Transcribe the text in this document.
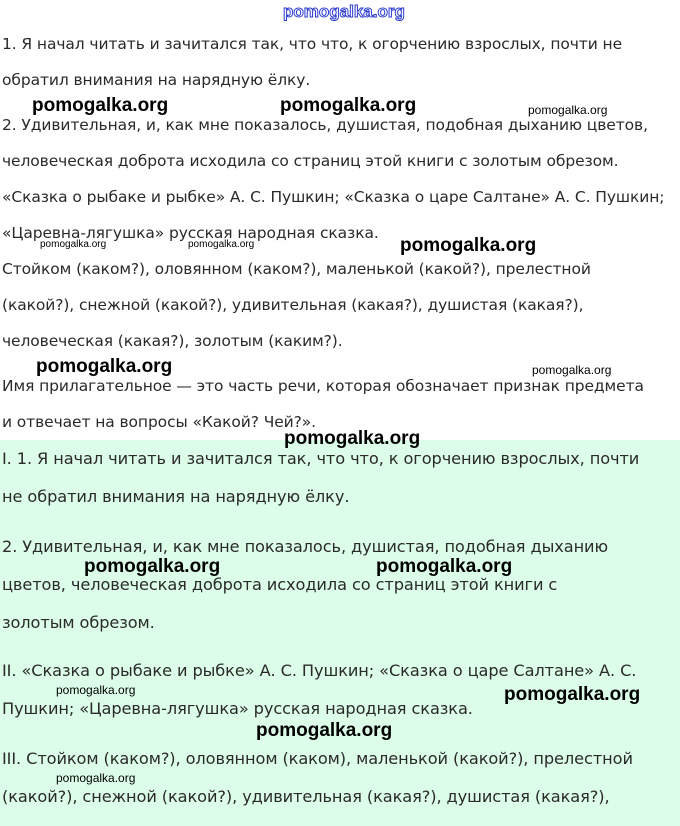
pomogalka.org
1. Я начал читать и зачитался так, что что, к огорчению взрослых, почти не
обратил внимания на нарядную ёлку.
2. Удивительная, и, как мне показалось, душистая, подобная дыханию цветов,
человеческая доброта исходила со страниц этой книги с золотым обрезом.
«Сказка о рыбаке и рыбке» А. С. Пушкин; «Сказка о царе Салтане» А. С. Пушкин;
«Царевна-лягушка» русская народная сказка.
Стойком (каком?), оловянном (каком?), маленькой (какой?), прелестной
(какой?), снежной (какой?), удивительная (какая?), душистая (какая?),
человеческая (какая?), золотым (каким?).
Имя прилагательное — это часть речи, которая обозначает признак предмета
и отвечает на вопросы «Какой? Чей?».
I. 1. Я начал читать и зачитался так, что что, к огорчению взрослых, почти
не обратил внимания на нарядную ёлку.
2. Удивительная, и, как мне показалось, душистая, подобная дыханию
цветов, человеческая доброта исходила со страниц этой книги с
золотым обрезом.
II. «Сказка о рыбаке и рыбке» А. С. Пушкин; «Сказка о царе Салтане» А. С.
Пушкин; «Царевна-лягушка» русская народная сказка.
III. Стойком (каком?), оловянном (каком), маленькой (какой?), прелестной
(какой?), снежной (какой?), удивительная (какая?), душистая (какая?),
pomogalka.org	pomogalka.org	pomogalka.org
pomogalka.org	pomogalka.org	pomogalka.org
pomogalka.org	pomogalka.org
pomogalka.org
pomogalka.org	pomogalka.org
pomogalka.org	pomogalka.org
pomogalka.org
pomogalka.org
